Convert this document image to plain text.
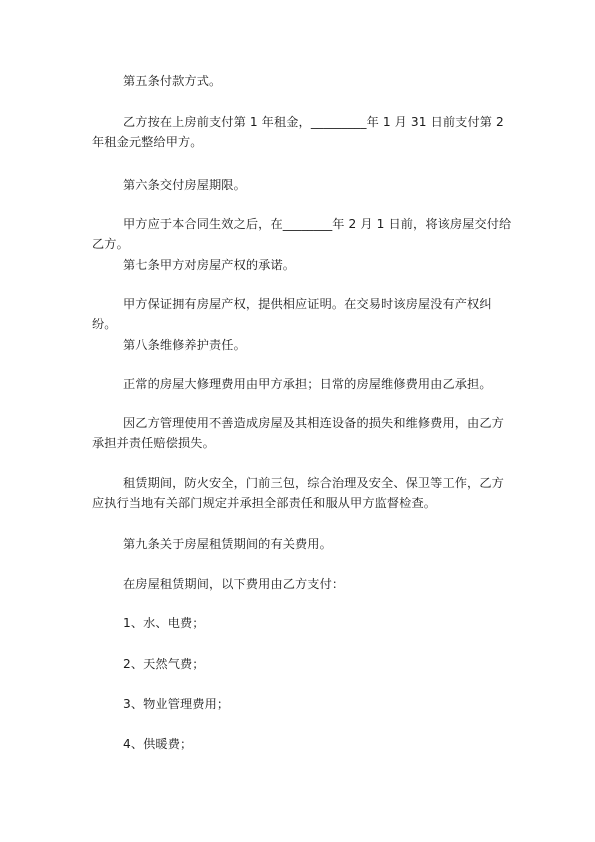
第五条付款方式。
乙方按在上房前支付第 1 年租金，_________年 1 月 31 日前支付第 2 年租金元整给甲方。
第六条交付房屋期限。
甲方应于本合同生效之后，在________年 2 月 1 日前，将该房屋交付给乙方。
第七条甲方对房屋产权的承诺。
甲方保证拥有房屋产权，提供相应证明。在交易时该房屋没有产权纠纷。
第八条维修养护责任。
正常的房屋大修理费用由甲方承担；日常的房屋维修费用由乙承担。
因乙方管理使用不善造成房屋及其相连设备的损失和维修费用，由乙方承担并责任赔偿损失。
租赁期间，防火安全，门前三包，综合治理及安全、保卫等工作，乙方应执行当地有关部门规定并承担全部责任和服从甲方监督检查。
第九条关于房屋租赁期间的有关费用。
在房屋租赁期间，以下费用由乙方支付：
1、水、电费；
2、天然气费；
3、物业管理费用；
4、供暖费；
